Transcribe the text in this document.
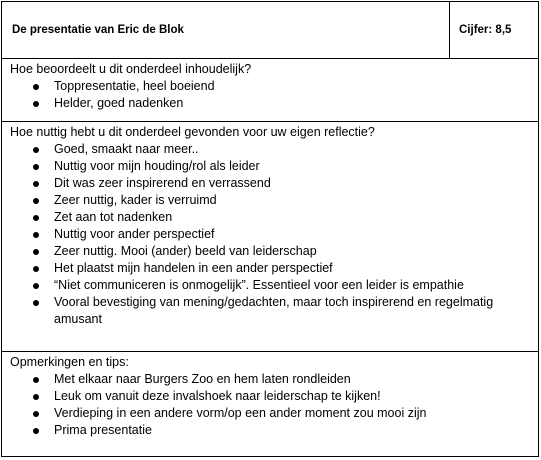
De presentatie van Eric de Blok	Cijfer: 8,5
Hoe beoordeelt u dit onderdeel inhoudelijk?
Toppresentatie, heel boeiend
Helder, goed nadenken
Hoe nuttig hebt u dit onderdeel gevonden voor uw eigen reflectie?
Goed, smaakt naar meer..
Nuttig voor mijn houding/rol als leider
Dit was zeer inspirerend en verrassend
Zeer nuttig, kader is verruimd
Zet aan tot nadenken
Nuttig voor ander perspectief
Zeer nuttig. Mooi (ander) beeld van leiderschap
Het plaatst mijn handelen in een ander perspectief
“Niet communiceren is onmogelijk”. Essentieel voor een leider is empathie
Vooral bevestiging van mening/gedachten, maar toch inspirerend en regelmatig amusant
Opmerkingen en tips:
Met elkaar naar Burgers Zoo en hem laten rondleiden
Leuk om vanuit deze invalshoek naar leiderschap te kijken!
Verdieping in een andere vorm/op een ander moment zou mooi zijn
Prima presentatie
